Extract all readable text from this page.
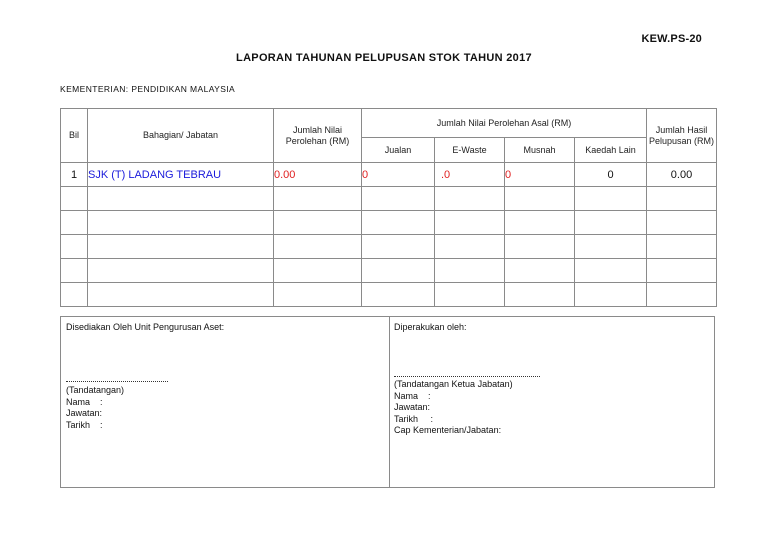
KEW.PS-20
LAPORAN TAHUNAN PELUPUSAN STOK TAHUN 2017
KEMENTERIAN: PENDIDIKAN MALAYSIA
Bil	Bahagian/ Jabatan	Jumlah Nilai Perolehan (RM)	Jumlah Nilai Perolehan Asal (RM)				Jumlah Hasil Pelupusan (RM)
			Jualan	E-Waste	Musnah	Kaedah Lain	
1	SJK (T) LADANG TEBRAU	0.00	0	.0	0	0	0.00

Disediakan Oleh Unit Pengurusan Aset:
(Tandatangan)
Nama    :
Jawatan:
Tarikh    :
Diperakukan oleh:
(Tandatangan Ketua Jabatan)
Nama    :
Jawatan:
Tarikh     :
Cap Kementerian/Jabatan:
